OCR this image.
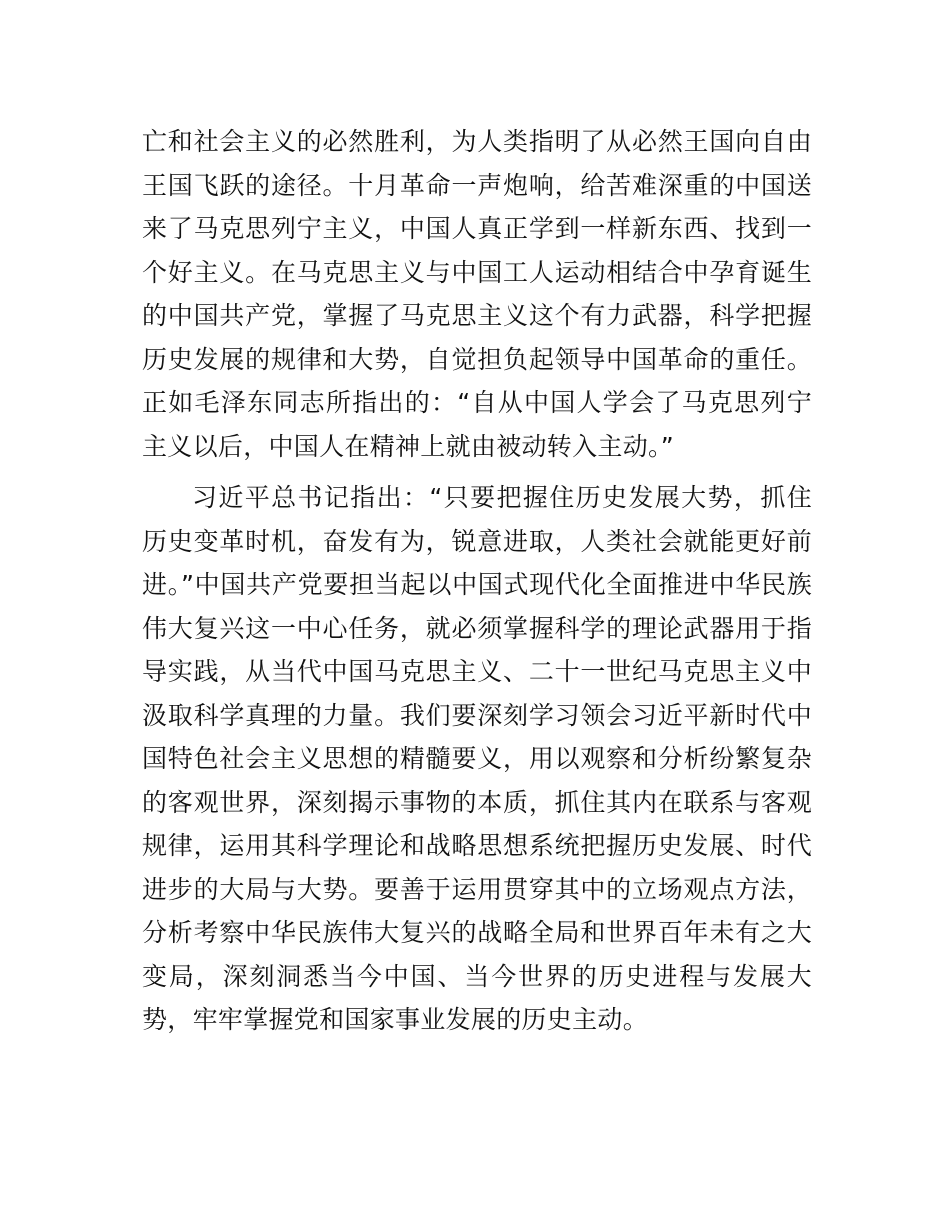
亡和社会主义的必然胜利，为人类指明了从必然王国向自由王国飞跃的途径。十月革命一声炮响，给苦难深重的中国送来了马克思列宁主义，中国人真正学到一样新东西、找到一个好主义。在马克思主义与中国工人运动相结合中孕育诞生的中国共产党，掌握了马克思主义这个有力武器，科学把握历史发展的规律和大势，自觉担负起领导中国革命的重任。正如毛泽东同志所指出的：“自从中国人学会了马克思列宁主义以后，中国人在精神上就由被动转入主动。”

习近平总书记指出：“只要把握住历史发展大势，抓住历史变革时机，奋发有为，锐意进取，人类社会就能更好前进。”中国共产党要担当起以中国式现代化全面推进中华民族伟大复兴这一中心任务，就必须掌握科学的理论武器用于指导实践，从当代中国马克思主义、二十一世纪马克思主义中汲取科学真理的力量。我们要深刻学习领会习近平新时代中国特色社会主义思想的精髓要义，用以观察和分析纷繁复杂的客观世界，深刻揭示事物的本质，抓住其内在联系与客观规律，运用其科学理论和战略思想系统把握历史发展、时代进步的大局与大势。要善于运用贯穿其中的立场观点方法，分析考察中华民族伟大复兴的战略全局和世界百年未有之大变局，深刻洞悉当今中国、当今世界的历史进程与发展大势，牢牢掌握党和国家事业发展的历史主动。
